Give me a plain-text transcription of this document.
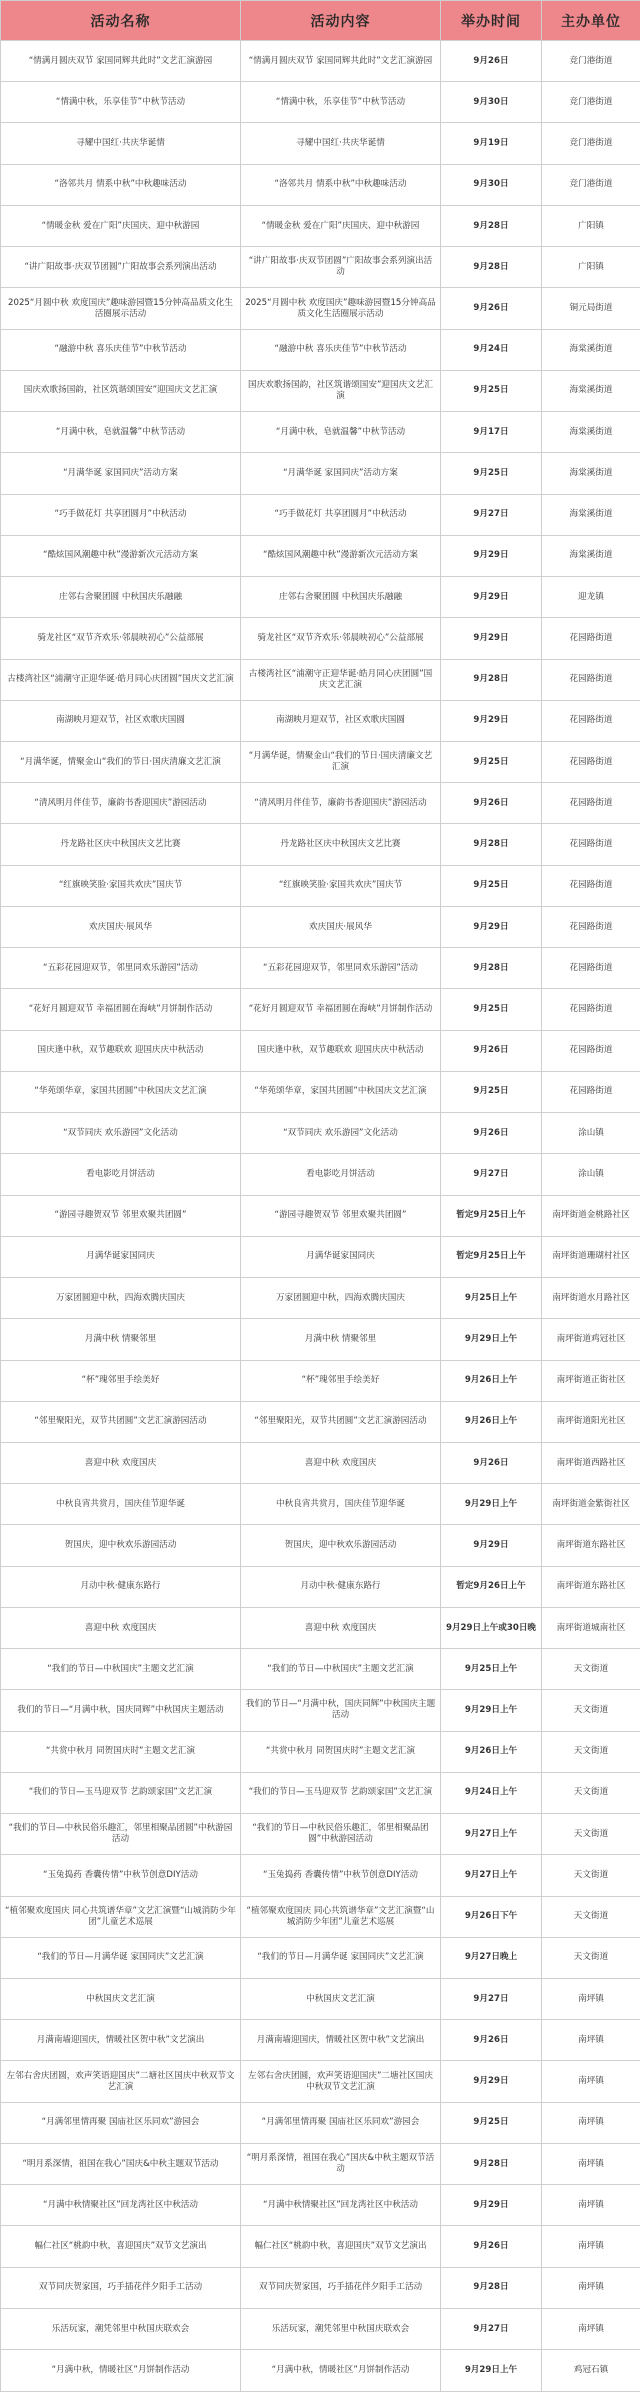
活动名称	活动内容	举办时间	主办单位
“情满月圆庆双节 家国同辉共此时”文艺汇演游园	“情满月圆庆双节 家国同辉共此时”文艺汇演游园	9月26日	竞门港街道
“情满中秋，乐享佳节”中秋节活动	“情满中秋，乐享佳节”中秋节活动	9月30日	竞门港街道
寻耀中国红·共庆华诞情	寻耀中国红·共庆华诞情	9月19日	竞门港街道
“洛邻共月 情系中秋”中秋趣味活动	“洛邻共月 情系中秋”中秋趣味活动	9月30日	竞门港街道
“情暖金秋 爱在广阳”庆国庆、迎中秋游园	“情暖金秋 爱在广阳”庆国庆、迎中秋游园	9月28日	广阳镇
“讲广阳故事·庆双节团圆”广阳故事会系列演出活动	“讲广阳故事·庆双节团圆”广阳故事会系列演出活动	9月28日	广阳镇
2025“月圆中秋 欢度国庆”趣味游园暨15分钟高品质文化生活圈展示活动	2025“月圆中秋 欢度国庆”趣味游园暨15分钟高品质文化生活圈展示活动	9月26日	铜元局街道
“融游中秋 喜乐庆佳节”中秋节活动	“融游中秋 喜乐庆佳节”中秋节活动	9月24日	海棠溪街道
国庆欢歌扬国韵，社区筑谐颂国安”迎国庆文艺汇演	国庆欢歌扬国韵，社区筑谐颂国安”迎国庆文艺汇演	9月25日	海棠溪街道
“月满中秋，皂就温馨”中秋节活动	“月满中秋，皂就温馨”中秋节活动	9月17日	海棠溪街道
“月满华诞 家国同庆”活动方案	“月满华诞 家国同庆”活动方案	9月25日	海棠溪街道
“巧手做花灯 共享团圆月”中秋活动	“巧手做花灯 共享团圆月”中秋活动	9月27日	海棠溪街道
“酷炫国风潮趣中秋”漫游新次元活动方案	“酷炫国风潮趣中秋”漫游新次元活动方案	9月29日	海棠溪街道
庄邻右舍聚团圆 中秋国庆乐融融	庄邻右舍聚团圆 中秋国庆乐融融	9月29日	迎龙镇
骑龙社区“双节齐欢乐·邻晨映初心”公益部展	骑龙社区“双节齐欢乐·邻晨映初心”公益部展	9月29日	花园路街道
古楼湾社区“浦潮守正迎华诞·皓月同心庆团圆”国庆文艺汇演	古楼湾社区“浦潮守正迎华诞·皓月同心庆团圆”国庆文艺汇演	9月28日	花园路街道
南湖映月迎双节，社区欢歌庆国圆	南湖映月迎双节，社区欢歌庆国圆	9月29日	花园路街道
“月满华诞，情聚金山“我们的节日·国庆清廉文艺汇演	“月满华诞，情聚金山“我们的节日·国庆清廉文艺汇演	9月25日	花园路街道
“清风明月伴佳节，廉韵书香迎国庆”游园活动	“清风明月伴佳节，廉韵书香迎国庆”游园活动	9月26日	花园路街道
丹龙路社区庆中秋国庆文艺比赛	丹龙路社区庆中秋国庆文艺比赛	9月28日	花园路街道
“红旗映笑脸·家国共欢庆”国庆节	“红旗映笑脸·家国共欢庆”国庆节	9月25日	花园路街道
欢庆国庆·展风华	欢庆国庆·展风华	9月29日	花园路街道
“五彩花园迎双节，邻里同欢乐游园”活动	“五彩花园迎双节，邻里同欢乐游园”活动	9月28日	花园路街道
“花好月圆迎双节 幸福团圆在海峡”月饼制作活动	“花好月圆迎双节 幸福团圆在海峡”月饼制作活动	9月25日	花园路街道
国庆逢中秋，双节趣联欢 迎国庆庆中秋活动	国庆逢中秋，双节趣联欢 迎国庆庆中秋活动	9月26日	花园路街道
“华苑颂华章，家国共团圆”中秋国庆文艺汇演	“华苑颂华章，家国共团圆”中秋国庆文艺汇演	9月25日	花园路街道
“双节同庆 欢乐游园”文化活动	“双节同庆 欢乐游园”文化活动	9月26日	涂山镇
看电影吃月饼活动	看电影吃月饼活动	9月27日	涂山镇
“游园寻趣贺双节 邻里欢聚共团圆”	“游园寻趣贺双节 邻里欢聚共团圆”	暂定9月25日上午	南坪街道金桃路社区
月满华诞家国同庆	月满华诞家国同庆	暂定9月25日上午	南坪街道珊瑚村社区
万家团圆迎中秋，四海欢腾庆国庆	万家团圆迎中秋，四海欢腾庆国庆	9月25日上午	南坪街道水月路社区
月满中秋 情聚邻里	月满中秋 情聚邻里	9月29日上午	南坪街道鸡冠社区
“杯”瑰邻里手绘美好	“杯”瑰邻里手绘美好	9月26日上午	南坪街道正街社区
“邻里聚阳光，双节共团圆”文艺汇演游园活动	“邻里聚阳光，双节共团圆”文艺汇演游园活动	9月26日上午	南坪街道阳光社区
喜迎中秋 欢度国庆	喜迎中秋 欢度国庆	9月26日	南坪街道西路社区
中秋良宵共赏月，国庆佳节迎华诞	中秋良宵共赏月，国庆佳节迎华诞	9月29日上午	南坪街道金紫街社区
贺国庆，迎中秋欢乐游园活动	贺国庆，迎中秋欢乐游园活动	9月29日	南坪街道东路社区
月动中秋·健康东路行	月动中秋·健康东路行	暂定9月26日上午	南坪街道东路社区
喜迎中秋 欢度国庆	喜迎中秋 欢度国庆	9月29日上午或30日晚	南坪街道城南社区
“我们的节日—中秋国庆”主题文艺汇演	“我们的节日—中秋国庆”主题文艺汇演	9月25日上午	天文街道
我们的节日—“月满中秋，国庆同辉”中秋国庆主题活动	我们的节日—“月满中秋，国庆同辉”中秋国庆主题活动	9月29日上午	天文街道
“共赏中秋月 同贺国庆时”主题文艺汇演	“共赏中秋月 同贺国庆时”主题文艺汇演	9月26日上午	天文街道
“我们的节日—玉马迎双节 艺韵颂家国”文艺汇演	“我们的节日—玉马迎双节 艺韵颂家国”文艺汇演	9月24日上午	天文街道
“我们的节日—中秋民俗乐趣汇，邻里相聚品团圆”中秋游园活动	“我们的节日—中秋民俗乐趣汇，邻里相聚品团圆”中秋游园活动	9月27日上午	天文街道
“玉兔捣药 香囊传情”中秋节创意DIY活动	“玉兔捣药 香囊传情”中秋节创意DIY活动	9月27日上午	天文街道
“植邻聚欢度国庆 同心共筑谱华章”文艺汇演暨“山城消防少年团”儿童艺术巡展	“植邻聚欢度国庆 同心共筑谱华章”文艺汇演暨“山城消防少年团”儿童艺术巡展	9月26日下午	天文街道
“我们的节日—月满华诞 家国同庆”文艺汇演	“我们的节日—月满华诞 家国同庆”文艺汇演	9月27日晚上	天文街道
中秋国庆文艺汇演	中秋国庆文艺汇演	9月27日	南坪镇
月满南墙迎国庆，情暖社区贺中秋”文艺演出	月满南墙迎国庆，情暖社区贺中秋”文艺演出	9月26日	南坪镇
左邻右舍庆团圆，欢声笑语迎国庆”二塘社区国庆中秋双节文艺汇演	左邻右舍庆团圆，欢声笑语迎国庆”二塘社区国庆中秋双节文艺汇演	9月29日	南坪镇
“月满邻里情再聚 国庙社区乐同欢”游园会	“月满邻里情再聚 国庙社区乐同欢”游园会	9月25日	南坪镇
“明月系深情，祖国在我心”国庆&中秋主题双节活动	“明月系深情，祖国在我心”国庆&中秋主题双节活动	9月28日	南坪镇
“月满中秋情聚社区”回龙湾社区中秋活动	“月满中秋情聚社区”回龙湾社区中秋活动	9月29日	南坪镇
幅仁社区“桃韵中秋，喜迎国庆”双节文艺演出	幅仁社区“桃韵中秋，喜迎国庆”双节文艺演出	9月26日	南坪镇
双节同庆贺家国，巧手插花伴夕阳手工活动	双节同庆贺家国，巧手插花伴夕阳手工活动	9月28日	南坪镇
乐活玩家，潮凭邻里中秋国庆联欢会	乐活玩家，潮凭邻里中秋国庆联欢会	9月27日	南坪镇
“月满中秋，情暖社区”月饼制作活动	“月满中秋，情暖社区”月饼制作活动	9月29日上午	鸡冠石镇
